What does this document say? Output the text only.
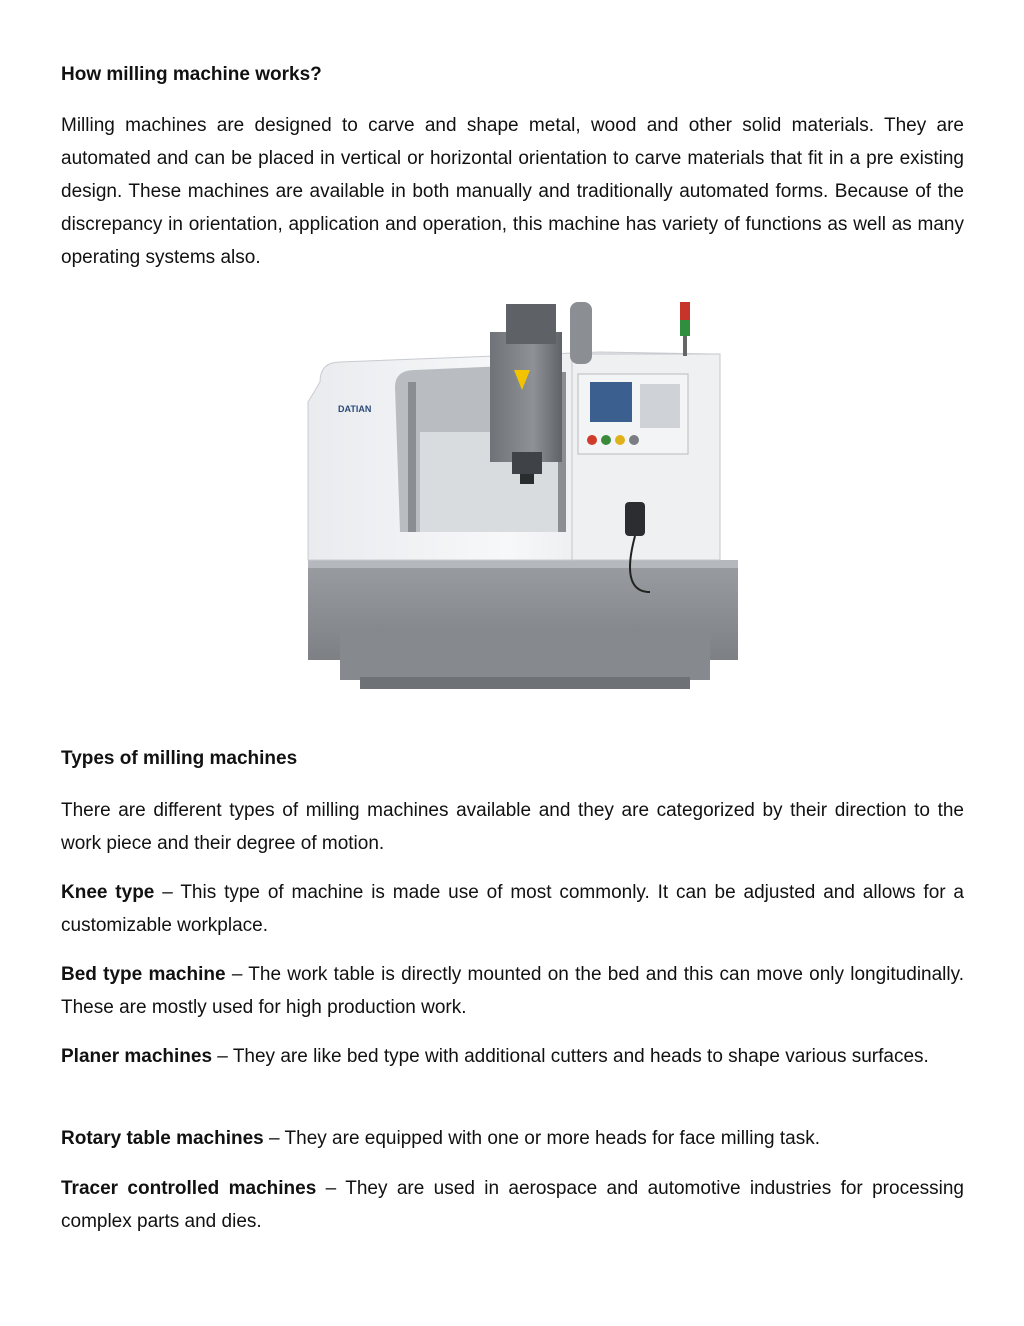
How milling machine works?

Milling machines are designed to carve and shape metal, wood and other solid materials. They are automated and can be placed in vertical or horizontal orientation to carve materials that fit in a pre existing design. These machines are available in both manually and traditionally automated forms. Because of the discrepancy in orientation, application and operation, this machine has variety of functions as well as many operating systems also.

Types of milling machines

There are different types of milling machines available and they are categorized by their direction to the work piece and their degree of motion.

Knee type – This type of machine is made use of most commonly. It can be adjusted and allows for a customizable workplace.

Bed type machine – The work table is directly mounted on the bed and this can move only longitudinally. These are mostly used for high production work.

Planer machines – They are like bed type with additional cutters and heads to shape various surfaces.

Rotary table machines – They are equipped with one or more heads for face milling task.

Tracer controlled machines – They are used in aerospace and automotive industries for processing complex parts and dies.

DATIAN
